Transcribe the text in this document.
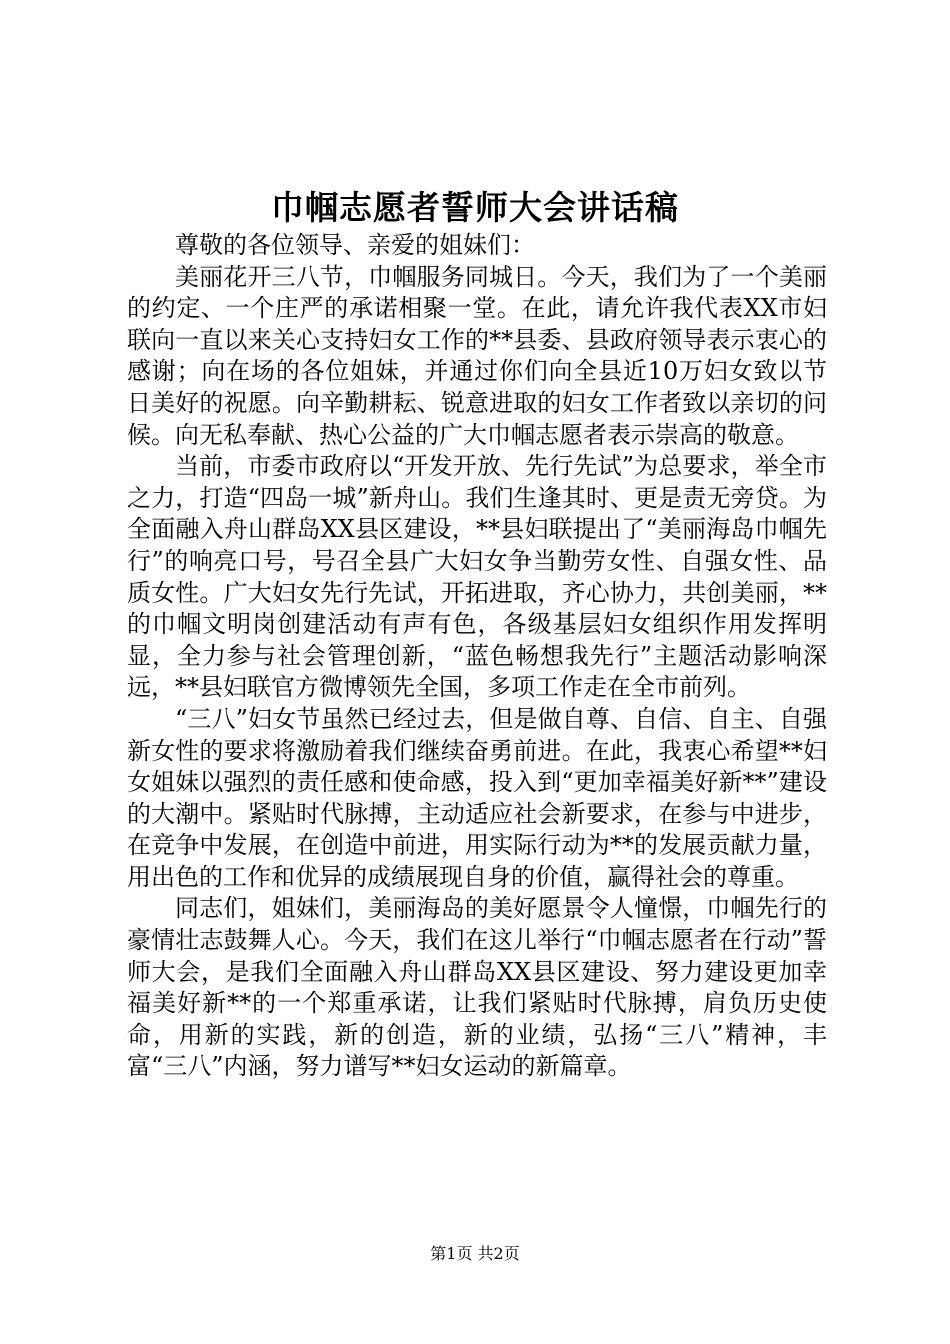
巾帼志愿者誓师大会讲话稿

尊敬的各位领导、亲爱的姐妹们：

美丽花开三八节，巾帼服务同城日。今天，我们为了一个美丽的约定、一个庄严的承诺相聚一堂。在此，请允许我代表XX市妇联向一直以来关心支持妇女工作的**县委、县政府领导表示衷心的感谢；向在场的各位姐妹，并通过你们向全县近10万妇女致以节日美好的祝愿。向辛勤耕耘、锐意进取的妇女工作者致以亲切的问候。向无私奉献、热心公益的广大巾帼志愿者表示崇高的敬意。

当前，市委市政府以“开发开放、先行先试”为总要求，举全市之力，打造“四岛一城”新舟山。我们生逢其时、更是责无旁贷。为全面融入舟山群岛XX县区建设，**县妇联提出了“美丽海岛巾帼先行”的响亮口号，号召全县广大妇女争当勤劳女性、自强女性、品质女性。广大妇女先行先试，开拓进取，齐心协力，共创美丽，**的巾帼文明岗创建活动有声有色，各级基层妇女组织作用发挥明显，全力参与社会管理创新，“蓝色畅想我先行”主题活动影响深远，**县妇联官方微博领先全国，多项工作走在全市前列。

“三八”妇女节虽然已经过去，但是做自尊、自信、自主、自强新女性的要求将激励着我们继续奋勇前进。在此，我衷心希望**妇女姐妹以强烈的责任感和使命感，投入到“更加幸福美好新**”建设的大潮中。紧贴时代脉搏，主动适应社会新要求，在参与中进步，在竞争中发展，在创造中前进，用实际行动为**的发展贡献力量，用出色的工作和优异的成绩展现自身的价值，赢得社会的尊重。

同志们，姐妹们，美丽海岛的美好愿景令人憧憬，巾帼先行的豪情壮志鼓舞人心。今天，我们在这儿举行“巾帼志愿者在行动”誓师大会，是我们全面融入舟山群岛XX县区建设、努力建设更加幸福美好新**的一个郑重承诺，让我们紧贴时代脉搏，肩负历史使命，用新的实践，新的创造，新的业绩，弘扬“三八”精神，丰富“三八”内涵，努力谱写**妇女运动的新篇章。

第1页 共2页
